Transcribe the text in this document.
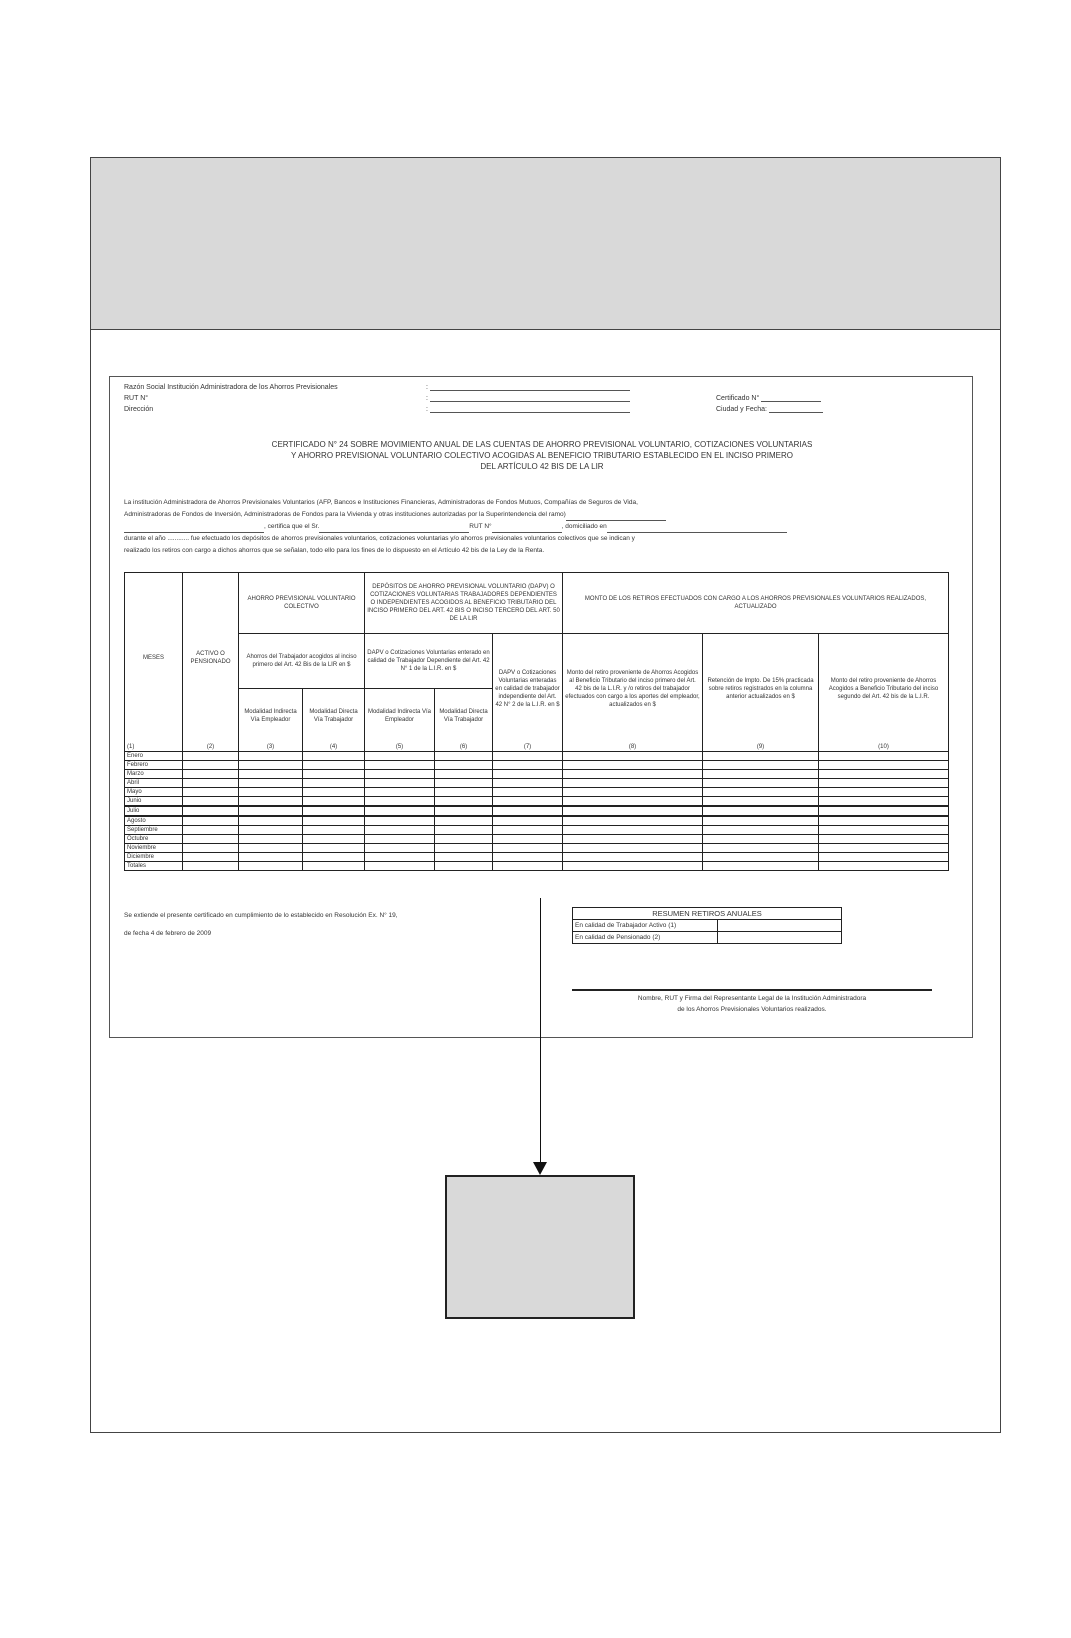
Razón Social Institución Administradora de los Ahorros Previsionales	:
RUT N°	:
Dirección	:
Certificado N°
Ciudad y Fecha:
CERTIFICADO N° 24 SOBRE MOVIMIENTO ANUAL DE LAS CUENTAS DE AHORRO PREVISIONAL VOLUNTARIO, COTIZACIONES VOLUNTARIAS
Y AHORRO PREVISIONAL VOLUNTARIO COLECTIVO ACOGIDAS AL BENEFICIO TRIBUTARIO ESTABLECIDO EN EL INCISO PRIMERO
DEL ARTÍCULO 42 BIS DE LA LIR
La institución Administradora de Ahorros Previsionales Voluntarios (AFP, Bancos e Instituciones Financieras, Administradoras de Fondos Mutuos, Compañías de Seguros de Vida,
Administradoras de Fondos de Inversión, Administradoras de Fondos para la Vivienda y otras instituciones autorizadas por la Superintendencia del ramo)
, certifica que el Sr.	RUT N°	, domiciliado en
durante el año ............ fue efectuado los depósitos de ahorros previsionales voluntarios, cotizaciones voluntarias y/o ahorros previsionales voluntarios colectivos que se indican y
realizado los retiros con cargo a dichos ahorros que se señalan, todo ello para los fines de lo dispuesto en el Artículo 42 bis de la Ley de la Renta.
MESES	ACTIVO O PENSIONADO	AHORRO PREVISIONAL VOLUNTARIO COLECTIVO		DEPÓSITOS DE AHORRO PREVISIONAL VOLUNTARIO (DAPV) O COTIZACIONES VOLUNTARIAS TRABAJADORES DEPENDIENTES O INDEPENDIENTES ACOGIDOS AL BENEFICIO TRIBUTARIO DEL INCISO PRIMERO DEL ART. 42 BIS O INCISO TERCERO DEL ART. 50 DE LA LIR			MONTO DE LOS RETIROS EFECTUADOS CON CARGO A LOS AHORROS PREVISIONALES VOLUNTARIOS REALIZADOS, ACTUALIZADO		
		Ahorros del Trabajador acogidos al inciso primero del Art. 42 Bis de la LIR en $		DAPV o Cotizaciones Voluntarias enterado en calidad de Trabajador Dependiente del Art. 42 N° 1 de la L.I.R. en $		DAPV o Cotizaciones Voluntarias enteradas en calidad de trabajador independiente del Art. 42 N° 2 de la L.I.R. en $	Monto del retiro proveniente de Ahorros Acogidos al Beneficio Tributario del inciso primero del Art. 42 bis de la L.I.R. y /o retiros del trabajador efectuados con cargo a los aportes del empleador, actualizados en $	Retención de Impto. De 15% practicada sobre retiros registrados en la columna anterior actualizados en $	Monto del retiro proveniente de Ahorros Acogidos a Beneficio Tributario del inciso segundo del Art. 42 bis de la L.I.R.
		Modalidad Indirecta Vía Empleador	Modalidad Directa Vía Trabajador	Modalidad Indirecta Vía Empleador	Modalidad Directa Vía Trabajador				
(1)	(2)	(3)	(4)	(5)	(6)	(7)	(8)	(9)	(10)
Enero									
Febrero									
Marzo									
Abril									
Mayo									
Junio									
Julio									
Agosto									
Septiembre									
Octubre									
Noviembre									
Diciembre									
Totales									
Se extiende el presente certificado en cumplimiento de lo establecido en Resolución Ex. N° 19,
de fecha 4 de febrero de 2009
RESUMEN RETIROS ANUALES	
En calidad de Trabajador Activo (1)	
En calidad de Pensionado (2)	
Nombre, RUT y Firma del Representante Legal de la Institución Administradora
de los Ahorros Previsionales Voluntarios realizados.
